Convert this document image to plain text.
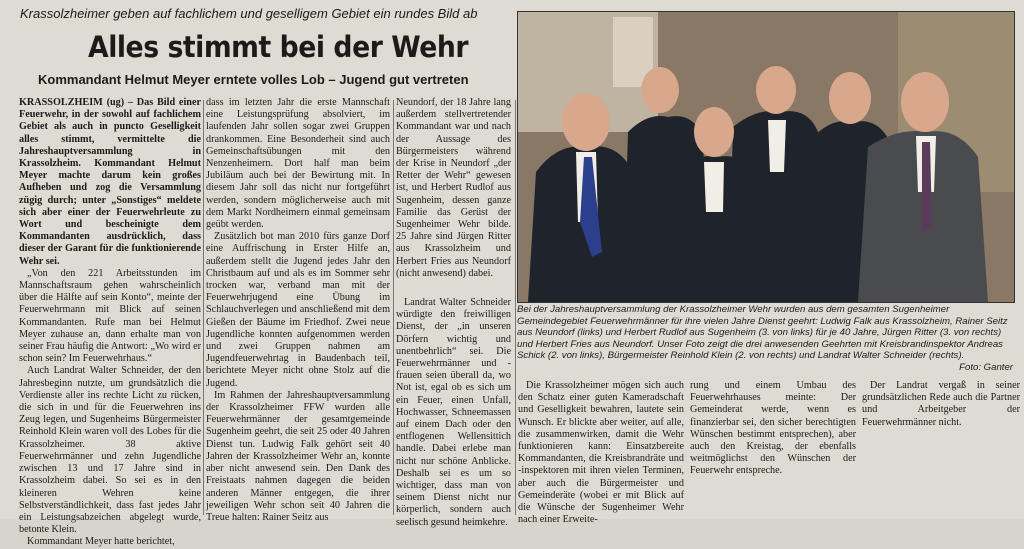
Krassolzheimer geben auf fachlichem und geselligem Gebiet ein rundes Bild ab
Alles stimmt bei der Wehr
Kommandant Helmut Meyer erntete volles Lob – Jugend gut vertreten

KRASSOLZHEIM (ug) – Das Bild einer Feuerwehr, in der sowohl auf fachlichem Gebiet als auch in puncto Geselligkeit alles stimmt, vermittelte die Jahreshauptversammlung in Krassolzheim. Kommandant Helmut Meyer machte darum kein großes Aufheben und zog die Versammlung zügig durch; unter „Sonstiges“ meldete sich aber einer der Feuerwehrleute zu Wort und bescheinigte dem Kommandanten ausdrücklich, dass dieser der Garant für die funktionierende Wehr sei.

„Von den 221 Arbeitsstunden im Mannschaftsraum gehen wahrscheinlich über die Hälfte auf sein Konto“, meinte der Feuerwehrmann mit Blick auf seinen Kommandanten. Rufe man bei Helmut Meyer zuhause an, dann erhalte man von seiner Frau häufig die Antwort: „Wo wird er schon sein? Im Feuerwehrhaus.“

Auch Landrat Walter Schneider, der den Jahresbeginn nutzte, um grundsätzlich die Verdienste aller ins rechte Licht zu rücken, die sich in und für die Feuerwehren ins Zeug legen, und Sugenheims Bürgermeister Reinhold Klein waren voll des Lobes für die Krassolzheimer. 38 aktive Feuerwehrmänner und zehn Jugendliche zwischen 13 und 17 Jahre sind in Krassolzheim dabei. So sei es in den kleineren Wehren keine Selbstverständlichkeit, dass fast jedes Jahr ein Leistungsabzeichen abgelegt wurde, betonte Klein.

Kommandant Meyer hatte berichtet,

dass im letzten Jahr die erste Mannschaft eine Leistungsprüfung absolviert, im laufenden Jahr sollen sogar zwei Gruppen drankommen. Eine Besonderheit sind auch Gemeinschaftsübungen mit den Nenzenheimern. Dort half man beim Jubiläum auch bei der Bewirtung mit. In diesem Jahr soll das nicht nur fortgeführt werden, sondern möglicherweise auch mit dem Markt Nordheimern einmal gemeinsam geübt werden.

Zusätzlich bot man 2010 fürs ganze Dorf eine Auffrischung in Erster Hilfe an, außerdem stellt die Jugend jedes Jahr den Christbaum auf und als es im Sommer sehr trocken war, verband man mit der Feuerwehrjugend eine Übung im Schlauchverlegen und anschließend mit dem Gießen der Bäume im Friedhof. Zwei neue Jugendliche konnten aufgenommen werden und zwei Gruppen nahmen am Jugendfeuerwehrtag in Baudenbach teil, berichtete Meyer nicht ohne Stolz auf die Jugend.

Im Rahmen der Jahreshauptversammlung der Krassolzheimer FFW wurden alle Feuerwehrmänner der gesamtgemeinde Sugenheim geehrt, die seit 25 oder 40 Jahren Dienst tun. Ludwig Falk gehört seit 40 Jahren der Krassolzheimer Wehr an, konnte aber nicht anwesend sein. Den Dank des Freistaats nahmen dagegen die beiden anderen Männer entgegen, die ihrer jeweiligen Wehr schon seit 40 Jahren die Treue halten: Rainer Seitz aus

Neundorf, der 18 Jahre lang außerdem stellvertretender Kommandant war und nach der Aussage des Bürgermeisters während der Krise in Neundorf „der Retter der Wehr“ gewesen ist, und Herbert Rudlof aus Sugenheim, dessen ganze Familie das Gerüst der Sugenheimer Wehr bilde. 25 Jahre sind Jürgen Ritter aus Krassolzheim und Herbert Fries aus Neundorf (nicht anwesend) dabei.

Landrat Walter Schneider würdigte den freiwilligen Dienst, der „in unseren Dörfern wichtig und unentbehrlich“ sei. Die Feuerwehrmänner und -frauen seien überall da, wo Not ist, egal ob es sich um ein Feuer, einen Unfall, Hochwasser, Schneemassen auf einem Dach oder den entflogenen Wellensittich handle. Dabei erlebe man nicht nur schöne Anblicke. Deshalb sei es um so wichtiger, dass man von seinem Dienst nicht nur körperlich, sondern auch seelisch gesund heimkehre.

Bei der Jahreshauptversammlung der Krassolzheimer Wehr wurden aus dem gesamten Sugenheimer Gemeindegebiet Feuerwehrmänner für ihre vielen Jahre Dienst geehrt: Ludwig Falk aus Krassolzheim, Rainer Seitz aus Neundorf (links) und Herbert Rudlof aus Sugenheim (3. von links) für je 40 Jahre, Jürgen Ritter (3. von rechts) und Herbert Fries aus Neundorf. Unser Foto zeigt die drei anwesenden Geehrten mit Kreisbrandinspektor Andreas Schick (2. von links), Bürgermeister Reinhold Klein (2. von rechts) und Landrat Walter Schneider (rechts).
Foto: Ganter

Die Krassolzheimer mögen sich auch den Schatz einer guten Kameradschaft und Geselligkeit bewahren, lautete sein Wunsch. Er blickte aber weiter, auf alle, die zusammenwirken, damit die Wehr funktionieren kann: Einsatzbereite Kommandanten, die Kreisbrandräte und -inspektoren mit ihren vielen Terminen, aber auch die Bürgermeister und Gemeinderäte (wobei er mit Blick auf die Wünsche der Sugenheimer Wehr nach einer Erweite-

rung und einem Umbau des Feuerwehrhauses meinte: Der Gemeinderat werde, wenn es finanzierbar sei, den sicher berechtigten Wünschen bestimmt entsprechen), aber auch den Kreistag, der ebenfalls weitmöglichst den Wünschen der Feuerwehr entspreche.

Der Landrat vergaß in seiner grundsätzlichen Rede auch die Partner und Arbeitgeber der Feuerwehrmänner nicht.
